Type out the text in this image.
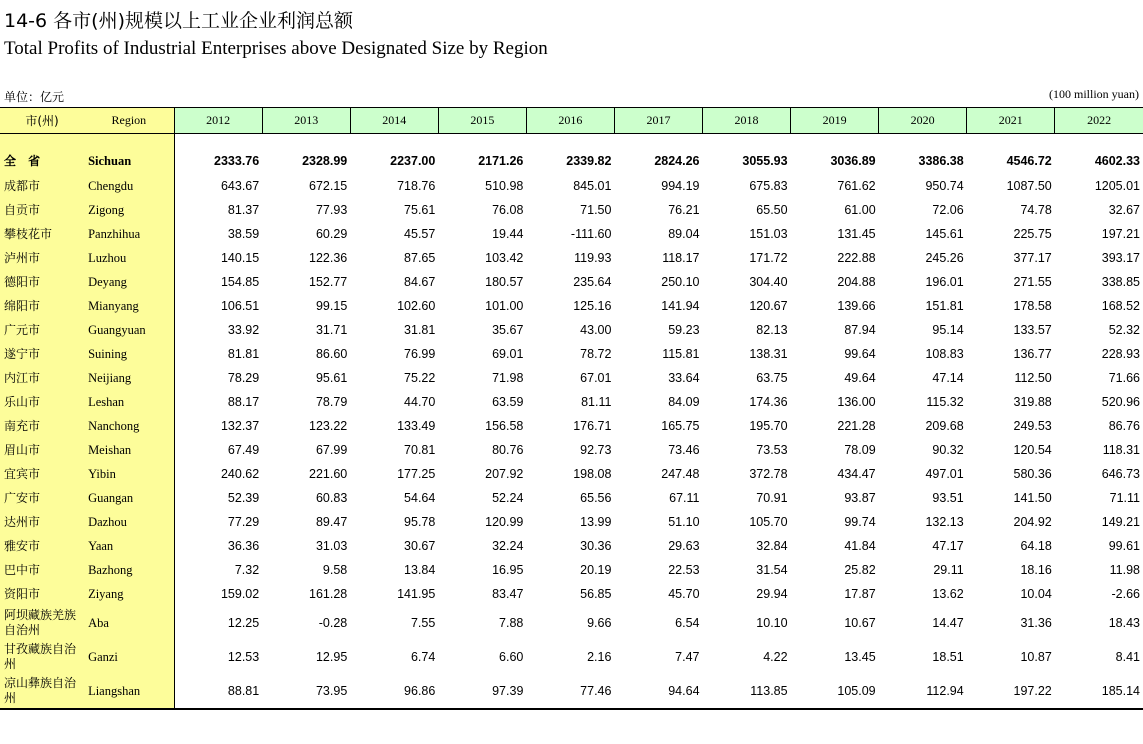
14-6 各市(州)规模以上工业企业利润总额
Total Profits of Industrial Enterprises above Designated Size by Region
单位：亿元	(100 million yuan)
市(州)	Region	2012	2013	2014	2015	2016	2017	2018	2019	2020	2021	2022

全 省	Sichuan	2333.76	2328.99	2237.00	2171.26	2339.82	2824.26	3055.93	3036.89	3386.38	4546.72	4602.33
成都市	Chengdu	643.67	672.15	718.76	510.98	845.01	994.19	675.83	761.62	950.74	1087.50	1205.01
自贡市	Zigong	81.37	77.93	75.61	76.08	71.50	76.21	65.50	61.00	72.06	74.78	32.67
攀枝花市	Panzhihua	38.59	60.29	45.57	19.44	-111.60	89.04	151.03	131.45	145.61	225.75	197.21
泸州市	Luzhou	140.15	122.36	87.65	103.42	119.93	118.17	171.72	222.88	245.26	377.17	393.17
德阳市	Deyang	154.85	152.77	84.67	180.57	235.64	250.10	304.40	204.88	196.01	271.55	338.85
绵阳市	Mianyang	106.51	99.15	102.60	101.00	125.16	141.94	120.67	139.66	151.81	178.58	168.52
广元市	Guangyuan	33.92	31.71	31.81	35.67	43.00	59.23	82.13	87.94	95.14	133.57	52.32
遂宁市	Suining	81.81	86.60	76.99	69.01	78.72	115.81	138.31	99.64	108.83	136.77	228.93
内江市	Neijiang	78.29	95.61	75.22	71.98	67.01	33.64	63.75	49.64	47.14	112.50	71.66
乐山市	Leshan	88.17	78.79	44.70	63.59	81.11	84.09	174.36	136.00	115.32	319.88	520.96
南充市	Nanchong	132.37	123.22	133.49	156.58	176.71	165.75	195.70	221.28	209.68	249.53	86.76
眉山市	Meishan	67.49	67.99	70.81	80.76	92.73	73.46	73.53	78.09	90.32	120.54	118.31
宜宾市	Yibin	240.62	221.60	177.25	207.92	198.08	247.48	372.78	434.47	497.01	580.36	646.73
广安市	Guangan	52.39	60.83	54.64	52.24	65.56	67.11	70.91	93.87	93.51	141.50	71.11
达州市	Dazhou	77.29	89.47	95.78	120.99	13.99	51.10	105.70	99.74	132.13	204.92	149.21
雅安市	Yaan	36.36	31.03	30.67	32.24	30.36	29.63	32.84	41.84	47.17	64.18	99.61
巴中市	Bazhong	7.32	9.58	13.84	16.95	20.19	22.53	31.54	25.82	29.11	18.16	11.98
资阳市	Ziyang	159.02	161.28	141.95	83.47	56.85	45.70	29.94	17.87	13.62	10.04	-2.66
阿坝藏族羌族自治州	Aba	12.25	-0.28	7.55	7.88	9.66	6.54	10.10	10.67	14.47	31.36	18.43
甘孜藏族自治州	Ganzi	12.53	12.95	6.74	6.60	2.16	7.47	4.22	13.45	18.51	10.87	8.41
凉山彝族自治州	Liangshan	88.81	73.95	96.86	97.39	77.46	94.64	113.85	105.09	112.94	197.22	185.14
